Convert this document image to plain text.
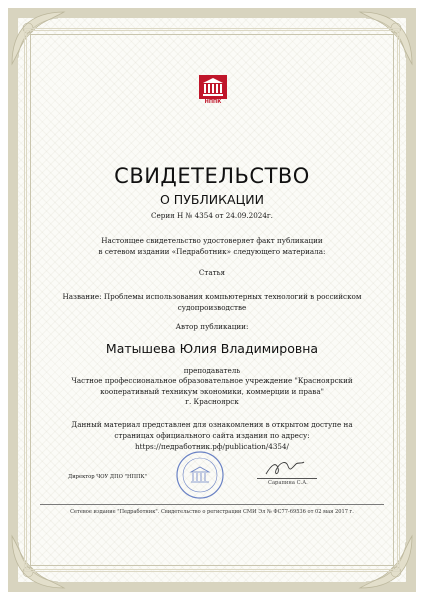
НППК
СВИДЕТЕЛЬСТВО
О ПУБЛИКАЦИИ
Серия Н № 4354 от 24.09.2024г.
Настоящее свидетельство удостоверяет факт публикации
в сетевом издании «Педработник» следующего материала:
Статья
Название: Проблемы использования компьютерных технологий в российском судопроизводстве
Автор публикации:
Матышева Юлия Владимировна
преподаватель
Частное профессиональное образовательное учреждение "Красноярский кооперативный техникум экономики, коммерции и права"
г. Красноярск
Данный материал представлен для ознакомления в открытом доступе на
страницах официального сайта издания по адресу:
https://педработник.рф/publication/4354/
Директор ЧОУ ДПО "НППК"
Сарапина С.А.
Сетевое издание "Педработник". Свидетельство о регистрации СМИ Эл № ФС77-69536 от 02 мая 2017 г.
